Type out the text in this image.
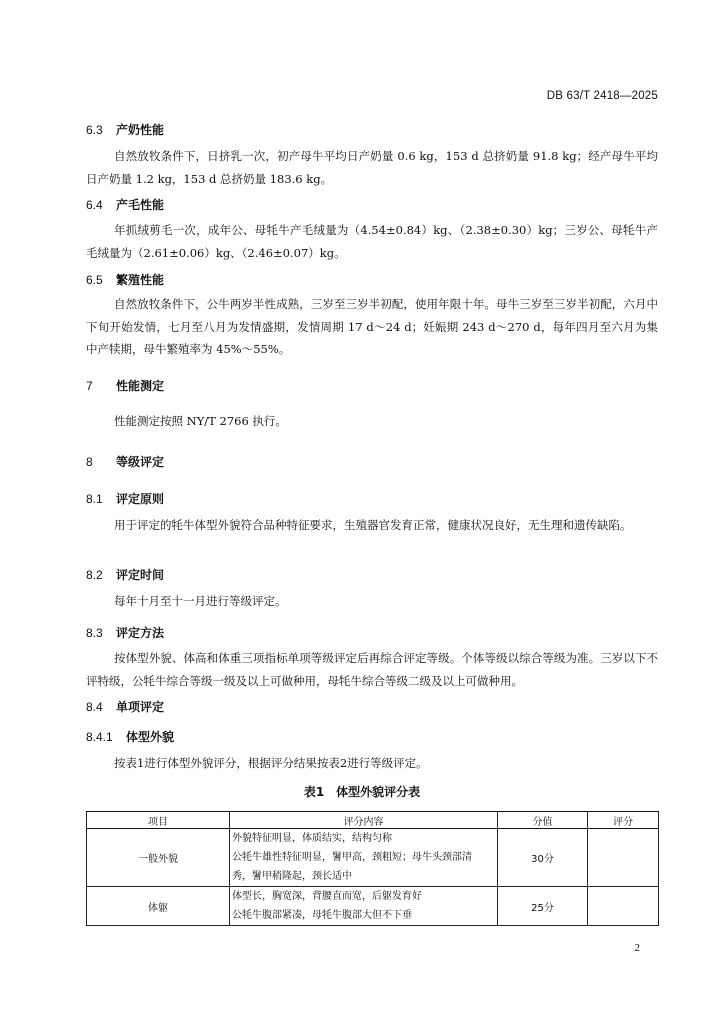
DB 63/T 2418—2025
6.3 产奶性能

自然放牧条件下，日挤乳一次，初产母牛平均日产奶量 0.6 kg，153 d 总挤奶量 91.8 kg；经产母牛平均日产奶量 1.2 kg，153 d 总挤奶量 183.6 kg。

6.4 产毛性能

年抓绒剪毛一次，成年公、母牦牛产毛绒量为（4.54±0.84）kg、（2.38±0.30）kg；三岁公、母牦牛产毛绒量为（2.61±0.06）kg、（2.46±0.07）kg。

6.5 繁殖性能

自然放牧条件下，公牛两岁半性成熟，三岁至三岁半初配，使用年限十年。母牛三岁至三岁半初配，六月中下旬开始发情，七月至八月为发情盛期，发情周期 17 d～24 d；妊娠期 243 d～270 d，每年四月至六月为集中产犊期，母牛繁殖率为 45%～55%。

7 性能测定

性能测定按照 NY/T 2766 执行。

8 等级评定
8.1 评定原则

用于评定的牦牛体型外貌符合品种特征要求，生殖器官发育正常，健康状况良好，无生理和遗传缺陷。

8.2 评定时间

每年十月至十一月进行等级评定。

8.3 评定方法

按体型外貌、体高和体重三项指标单项等级评定后再综合评定等级。个体等级以综合等级为准。三岁以下不评特级，公牦牛综合等级一级及以上可做种用，母牦牛综合等级二级及以上可做种用。

8.4 单项评定
8.4.1 体型外貌

按表1进行体型外貌评分，根据评分结果按表2进行等级评定。

表1　体型外貌评分表
项目	评分内容	分值	评分
一般外貌	外貌特征明显，体质结实，结构匀称
公牦牛雄性特征明显，鬐甲高，颈粗短；母牛头颈部清
秀，鬐甲稍隆起，颈长适中	30分	
体躯	体型长，胸宽深，背腰直而宽，后躯发育好
公牦牛腹部紧凑，母牦牛腹部大但不下垂	25分	
2
